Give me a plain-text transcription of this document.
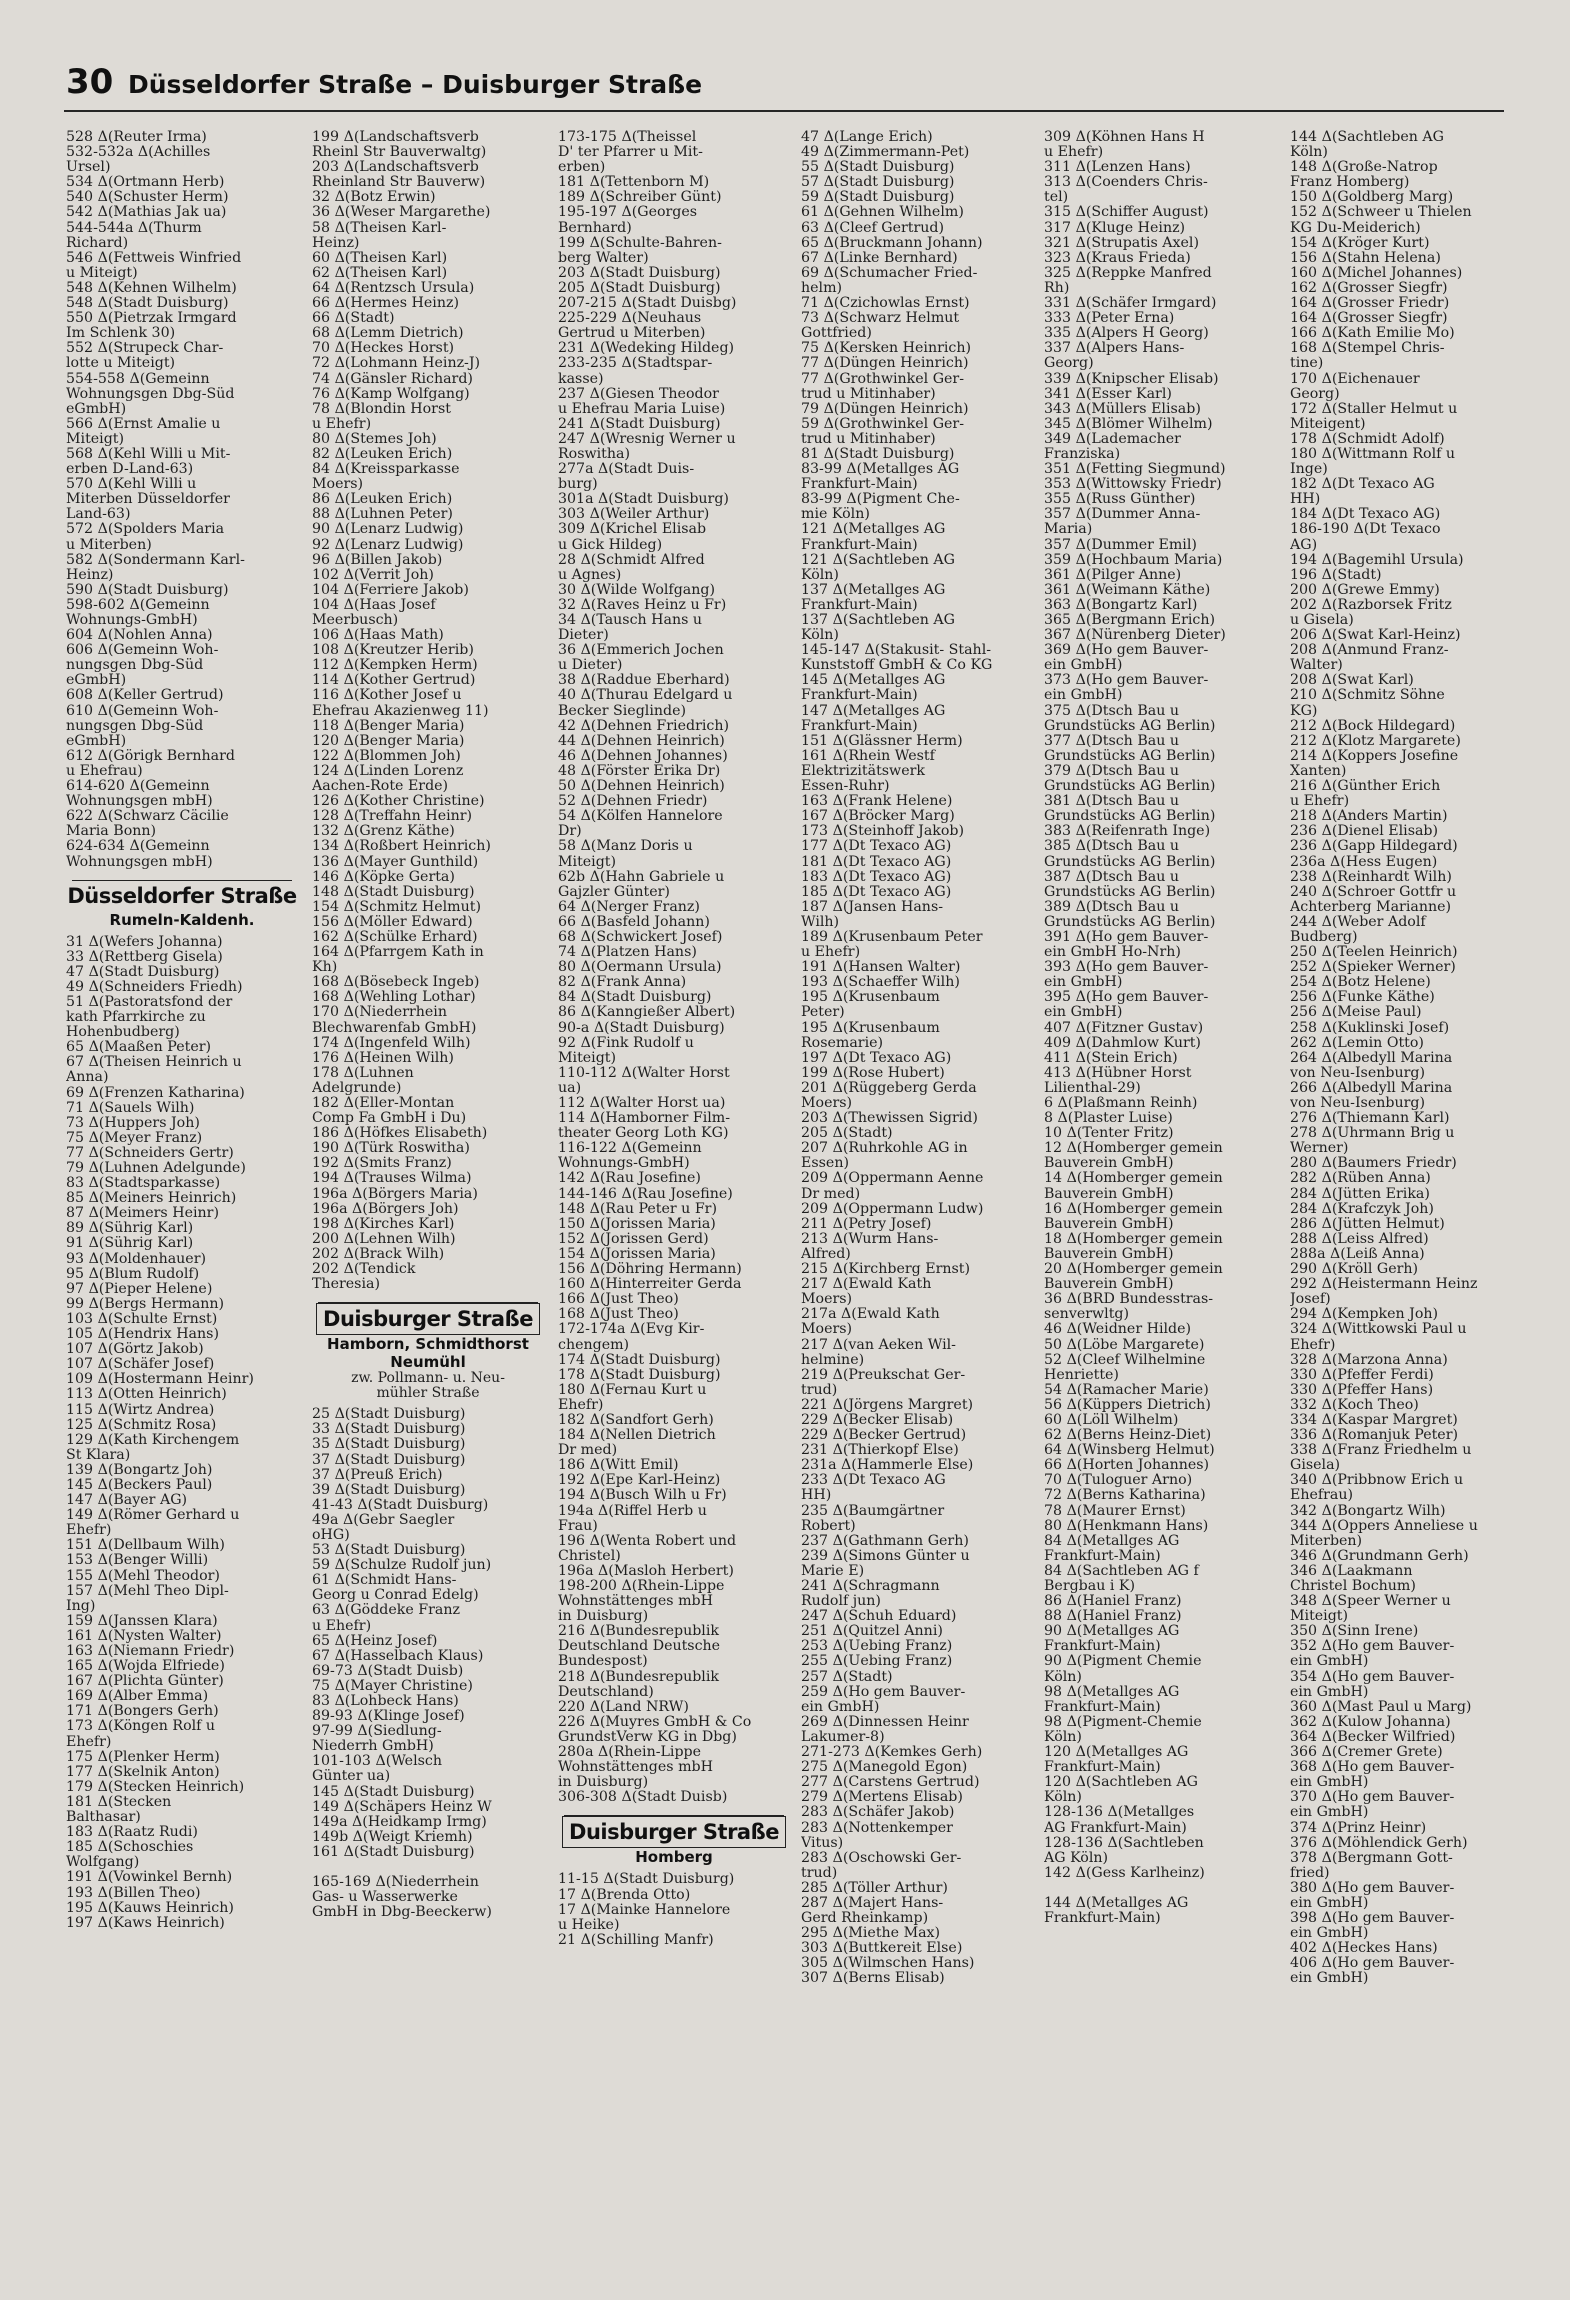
30 Düsseldorfer Straße – Duisburger Straße
528 Δ(Reuter Irma)
532-532a Δ(Achilles
Ursel)
534 Δ(Ortmann Herb)
540 Δ(Schuster Herm)
542 Δ(Mathias Jak ua)
544-544a Δ(Thurm
Richard)
546 Δ(Fettweis Winfried
u Miteigt)
548 Δ(Kehnen Wilhelm)
548 Δ(Stadt Duisburg)
550 Δ(Pietrzak Irmgard
Im Schlenk 30)
552 Δ(Strupeck Char-
lotte u Miteigt)
554-558 Δ(Gemeinn
Wohnungsgen Dbg-Süd
eGmbH)
566 Δ(Ernst Amalie u
Miteigt)
568 Δ(Kehl Willi u Mit-
erben D-Land-63)
570 Δ(Kehl Willi u
Miterben Düsseldorfer
Land-63)
572 Δ(Spolders Maria
u Miterben)
582 Δ(Sondermann Karl-
Heinz)
590 Δ(Stadt Duisburg)
598-602 Δ(Gemeinn
Wohnungs-GmbH)
604 Δ(Nohlen Anna)
606 Δ(Gemeinn Woh-
nungsgen Dbg-Süd
eGmbH)
608 Δ(Keller Gertrud)
610 Δ(Gemeinn Woh-
nungsgen Dbg-Süd
eGmbH)
612 Δ(Görigk Bernhard
u Ehefrau)
614-620 Δ(Gemeinn
Wohnungsgen mbH)
622 Δ(Schwarz Cäcilie
Maria Bonn)
624-634 Δ(Gemeinn
Wohnungsgen mbH)
Düsseldorfer Straße
Rumeln-Kaldenh.
31 Δ(Wefers Johanna)
33 Δ(Rettberg Gisela)
47 Δ(Stadt Duisburg)
49 Δ(Schneiders Friedh)
51 Δ(Pastoratsfond der
kath Pfarrkirche zu
Hohenbudberg)
65 Δ(Maaßen Peter)
67 Δ(Theisen Heinrich u
Anna)
69 Δ(Frenzen Katharina)
71 Δ(Sauels Wilh)
73 Δ(Huppers Joh)
75 Δ(Meyer Franz)
77 Δ(Schneiders Gertr)
79 Δ(Luhnen Adelgunde)
83 Δ(Stadtsparkasse)
85 Δ(Meiners Heinrich)
87 Δ(Meimers Heinr)
89 Δ(Sührig Karl)
91 Δ(Sührig Karl)
93 Δ(Moldenhauer)
95 Δ(Blum Rudolf)
97 Δ(Pieper Helene)
99 Δ(Bergs Hermann)
103 Δ(Schulte Ernst)
105 Δ(Hendrix Hans)
107 Δ(Görtz Jakob)
107 Δ(Schäfer Josef)
109 Δ(Hostermann Heinr)
113 Δ(Otten Heinrich)
115 Δ(Wirtz Andrea)
125 Δ(Schmitz Rosa)
129 Δ(Kath Kirchengem
St Klara)
139 Δ(Bongartz Joh)
145 Δ(Beckers Paul)
147 Δ(Bayer AG)
149 Δ(Römer Gerhard u
Ehefr)
151 Δ(Dellbaum Wilh)
153 Δ(Benger Willi)
155 Δ(Mehl Theodor)
157 Δ(Mehl Theo Dipl-
Ing)
159 Δ(Janssen Klara)
161 Δ(Nysten Walter)
163 Δ(Niemann Friedr)
165 Δ(Wojda Elfriede)
167 Δ(Plichta Günter)
169 Δ(Alber Emma)
171 Δ(Bongers Gerh)
173 Δ(Köngen Rolf u
Ehefr)
175 Δ(Plenker Herm)
177 Δ(Skelnik Anton)
179 Δ(Stecken Heinrich)
181 Δ(Stecken
Balthasar)
183 Δ(Raatz Rudi)
185 Δ(Schoschies
Wolfgang)
191 Δ(Vowinkel Bernh)
193 Δ(Billen Theo)
195 Δ(Kauws Heinrich)
197 Δ(Kaws Heinrich)
199 Δ(Landschaftsverb
Rheinl Str Bauverwaltg)
203 Δ(Landschaftsverb
Rheinland Str Bauverw)
32 Δ(Botz Erwin)
36 Δ(Weser Margarethe)
58 Δ(Theisen Karl-
Heinz)
60 Δ(Theisen Karl)
62 Δ(Theisen Karl)
64 Δ(Rentzsch Ursula)
66 Δ(Hermes Heinz)
66 Δ(Stadt)
68 Δ(Lemm Dietrich)
70 Δ(Heckes Horst)
72 Δ(Lohmann Heinz-J)
74 Δ(Gänsler Richard)
76 Δ(Kamp Wolfgang)
78 Δ(Blondin Horst
u Ehefr)
80 Δ(Stemes Joh)
82 Δ(Leuken Erich)
84 Δ(Kreissparkasse
Moers)
86 Δ(Leuken Erich)
88 Δ(Luhnen Peter)
90 Δ(Lenarz Ludwig)
92 Δ(Lenarz Ludwig)
96 Δ(Billen Jakob)
102 Δ(Verrit Joh)
104 Δ(Ferriere Jakob)
104 Δ(Haas Josef
Meerbusch)
106 Δ(Haas Math)
108 Δ(Kreutzer Herib)
112 Δ(Kempken Herm)
114 Δ(Kother Gertrud)
116 Δ(Kother Josef u
Ehefrau Akazienweg 11)
118 Δ(Benger Maria)
120 Δ(Benger Maria)
122 Δ(Blommen Joh)
124 Δ(Linden Lorenz
Aachen-Rote Erde)
126 Δ(Kother Christine)
128 Δ(Treffahn Heinr)
132 Δ(Grenz Käthe)
134 Δ(Roßbert Heinrich)
136 Δ(Mayer Gunthild)
146 Δ(Köpke Gerta)
148 Δ(Stadt Duisburg)
154 Δ(Schmitz Helmut)
156 Δ(Möller Edward)
162 Δ(Schülke Erhard)
164 Δ(Pfarrgem Kath in
Kh)
168 Δ(Bösebeck Ingeb)
168 Δ(Wehling Lothar)
170 Δ(Niederrhein
Blechwarenfab GmbH)
174 Δ(Ingenfeld Wilh)
176 Δ(Heinen Wilh)
178 Δ(Luhnen
Adelgrunde)
182 Δ(Eller-Montan
Comp Fa GmbH i Du)
186 Δ(Höfkes Elisabeth)
190 Δ(Türk Roswitha)
192 Δ(Smits Franz)
194 Δ(Trauses Wilma)
196a Δ(Börgers Maria)
196a Δ(Börgers Joh)
198 Δ(Kirches Karl)
200 Δ(Lehnen Wilh)
202 Δ(Brack Wilh)
202 Δ(Tendick
Theresia)
Duisburger Straße
Hamborn, Schmidthorst Neumühl
zw. Pollmann- u. Neu-
mühler Straße
25 Δ(Stadt Duisburg)
33 Δ(Stadt Duisburg)
35 Δ(Stadt Duisburg)
37 Δ(Stadt Duisburg)
37 Δ(Preuß Erich)
39 Δ(Stadt Duisburg)
41-43 Δ(Stadt Duisburg)
49a Δ(Gebr Saegler
oHG)
53 Δ(Stadt Duisburg)
59 Δ(Schulze Rudolf jun)
61 Δ(Schmidt Hans-
Georg u Conrad Edelg)
63 Δ(Göddeke Franz
u Ehefr)
65 Δ(Heinz Josef)
67 Δ(Hasselbach Klaus)
69-73 Δ(Stadt Duisb)
75 Δ(Mayer Christine)
83 Δ(Lohbeck Hans)
89-93 Δ(Klinge Josef)
97-99 Δ(Siedlung-
Niederrh GmbH)
101-103 Δ(Welsch
Günter ua)
145 Δ(Stadt Duisburg)
149 Δ(Schäpers Heinz W
149a Δ(Heidkamp Irmg)
149b Δ(Weigt Kriemh)
161 Δ(Stadt Duisburg)
165-169 Δ(Niederrhein
Gas- u Wasserwerke
GmbH in Dbg-Beeckerw)
173-175 Δ(Theissel
D' ter Pfarrer u Mit-
erben)
181 Δ(Tettenborn M)
189 Δ(Schreiber Günt)
195-197 Δ(Georges
Bernhard)
199 Δ(Schulte-Bahren-
berg Walter)
203 Δ(Stadt Duisburg)
205 Δ(Stadt Duisburg)
207-215 Δ(Stadt Duisbg)
225-229 Δ(Neuhaus
Gertrud u Miterben)
231 Δ(Wedeking Hildeg)
233-235 Δ(Stadtspar-
kasse)
237 Δ(Giesen Theodor
u Ehefrau Maria Luise)
241 Δ(Stadt Duisburg)
247 Δ(Wresnig Werner u
Roswitha)
277a Δ(Stadt Duis-
burg)
301a Δ(Stadt Duisburg)
303 Δ(Weiler Arthur)
309 Δ(Krichel Elisab
u Gick Hildeg)
28 Δ(Schmidt Alfred
u Agnes)
30 Δ(Wilde Wolfgang)
32 Δ(Raves Heinz u Fr)
34 Δ(Tausch Hans u
Dieter)
36 Δ(Emmerich Jochen
u Dieter)
38 Δ(Raddue Eberhard)
40 Δ(Thurau Edelgard u
Becker Sieglinde)
42 Δ(Dehnen Friedrich)
44 Δ(Dehnen Heinrich)
46 Δ(Dehnen Johannes)
48 Δ(Förster Erika Dr)
50 Δ(Dehnen Heinrich)
52 Δ(Dehnen Friedr)
54 Δ(Kölfen Hannelore
Dr)
58 Δ(Manz Doris u
Miteigt)
62b Δ(Hahn Gabriele u
Gajzler Günter)
64 Δ(Nerger Franz)
66 Δ(Basfeld Johann)
68 Δ(Schwickert Josef)
74 Δ(Platzen Hans)
80 Δ(Oermann Ursula)
82 Δ(Frank Anna)
84 Δ(Stadt Duisburg)
86 Δ(Kanngießer Albert)
90-a Δ(Stadt Duisburg)
92 Δ(Fink Rudolf u
Miteigt)
110-112 Δ(Walter Horst
ua)
112 Δ(Walter Horst ua)
114 Δ(Hamborner Film-
theater Georg Loth KG)
116-122 Δ(Gemeinn
Wohnungs-GmbH)
142 Δ(Rau Josefine)
144-146 Δ(Rau Josefine)
148 Δ(Rau Peter u Fr)
150 Δ(Jorissen Maria)
152 Δ(Jorissen Gerd)
154 Δ(Jorissen Maria)
156 Δ(Döhring Hermann)
160 Δ(Hinterreiter Gerda
166 Δ(Just Theo)
168 Δ(Just Theo)
172-174a Δ(Evg Kir-
chengem)
174 Δ(Stadt Duisburg)
178 Δ(Stadt Duisburg)
180 Δ(Fernau Kurt u
Ehefr)
182 Δ(Sandfort Gerh)
184 Δ(Nellen Dietrich
Dr med)
186 Δ(Witt Emil)
192 Δ(Epe Karl-Heinz)
194 Δ(Busch Wilh u Fr)
194a Δ(Riffel Herb u
Frau)
196 Δ(Wenta Robert und
Christel)
196a Δ(Masloh Herbert)
198-200 Δ(Rhein-Lippe
Wohnstättenges mbH
in Duisburg)
216 Δ(Bundesrepublik
Deutschland Deutsche
Bundespost)
218 Δ(Bundesrepublik
Deutschland)
220 Δ(Land NRW)
226 Δ(Muyres GmbH & Co
GrundstVerw KG in Dbg)
280a Δ(Rhein-Lippe
Wohnstättenges mbH
in Duisburg)
306-308 Δ(Stadt Duisb)
Duisburger Straße
Homberg
11-15 Δ(Stadt Duisburg)
17 Δ(Brenda Otto)
17 Δ(Mainke Hannelore
u Heike)
21 Δ(Schilling Manfr)
47 Δ(Lange Erich)
49 Δ(Zimmermann-Pet)
55 Δ(Stadt Duisburg)
57 Δ(Stadt Duisburg)
59 Δ(Stadt Duisburg)
61 Δ(Gehnen Wilhelm)
63 Δ(Cleef Gertrud)
65 Δ(Bruckmann Johann)
67 Δ(Linke Bernhard)
69 Δ(Schumacher Fried-
helm)
71 Δ(Czichowlas Ernst)
73 Δ(Schwarz Helmut
Gottfried)
75 Δ(Kersken Heinrich)
77 Δ(Düngen Heinrich)
77 Δ(Grothwinkel Ger-
trud u Mitinhaber)
79 Δ(Düngen Heinrich)
59 Δ(Grothwinkel Ger-
trud u Mitinhaber)
81 Δ(Stadt Duisburg)
83-99 Δ(Metallges AG
Frankfurt-Main)
83-99 Δ(Pigment Che-
mie Köln)
121 Δ(Metallges AG
Frankfurt-Main)
121 Δ(Sachtleben AG
Köln)
137 Δ(Metallges AG
Frankfurt-Main)
137 Δ(Sachtleben AG
Köln)
145-147 Δ(Stakusit- Stahl-
Kunststoff GmbH & Co KG
145 Δ(Metallges AG
Frankfurt-Main)
147 Δ(Metallges AG
Frankfurt-Main)
151 Δ(Glässner Herm)
161 Δ(Rhein Westf
Elektrizitätswerk
Essen-Ruhr)
163 Δ(Frank Helene)
167 Δ(Bröcker Marg)
173 Δ(Steinhoff Jakob)
177 Δ(Dt Texaco AG)
181 Δ(Dt Texaco AG)
183 Δ(Dt Texaco AG)
185 Δ(Dt Texaco AG)
187 Δ(Jansen Hans-
Wilh)
189 Δ(Krusenbaum Peter
u Ehefr)
191 Δ(Hansen Walter)
193 Δ(Schaeffer Wilh)
195 Δ(Krusenbaum
Peter)
195 Δ(Krusenbaum
Rosemarie)
197 Δ(Dt Texaco AG)
199 Δ(Rose Hubert)
201 Δ(Rüggeberg Gerda
Moers)
203 Δ(Thewissen Sigrid)
205 Δ(Stadt)
207 Δ(Ruhrkohle AG in
Essen)
209 Δ(Oppermann Aenne
Dr med)
209 Δ(Oppermann Ludw)
211 Δ(Petry Josef)
213 Δ(Wurm Hans-
Alfred)
215 Δ(Kirchberg Ernst)
217 Δ(Ewald Kath
Moers)
217a Δ(Ewald Kath
Moers)
217 Δ(van Aeken Wil-
helmine)
219 Δ(Preukschat Ger-
trud)
221 Δ(Jörgens Margret)
229 Δ(Becker Elisab)
229 Δ(Becker Gertrud)
231 Δ(Thierkopf Else)
231a Δ(Hammerle Else)
233 Δ(Dt Texaco AG
HH)
235 Δ(Baumgärtner
Robert)
237 Δ(Gathmann Gerh)
239 Δ(Simons Günter u
Marie E)
241 Δ(Schragmann
Rudolf jun)
247 Δ(Schuh Eduard)
251 Δ(Quitzel Anni)
253 Δ(Uebing Franz)
255 Δ(Uebing Franz)
257 Δ(Stadt)
259 Δ(Ho gem Bauver-
ein GmbH)
269 Δ(Dinnessen Heinr
Lakumer-8)
271-273 Δ(Kemkes Gerh)
275 Δ(Manegold Egon)
277 Δ(Carstens Gertrud)
279 Δ(Mertens Elisab)
283 Δ(Schäfer Jakob)
283 Δ(Nottenkemper
Vitus)
283 Δ(Oschowski Ger-
trud)
285 Δ(Töller Arthur)
287 Δ(Majert Hans-
Gerd Rheinkamp)
295 Δ(Miethe Max)
303 Δ(Buttkereit Else)
305 Δ(Wilmschen Hans)
307 Δ(Berns Elisab)
309 Δ(Köhnen Hans H
u Ehefr)
311 Δ(Lenzen Hans)
313 Δ(Coenders Chris-
tel)
315 Δ(Schiffer August)
317 Δ(Kluge Heinz)
321 Δ(Strupatis Axel)
323 Δ(Kraus Frieda)
325 Δ(Reppke Manfred
Rh)
331 Δ(Schäfer Irmgard)
333 Δ(Peter Erna)
335 Δ(Alpers H Georg)
337 Δ(Alpers Hans-
Georg)
339 Δ(Knipscher Elisab)
341 Δ(Esser Karl)
343 Δ(Müllers Elisab)
345 Δ(Blömer Wilhelm)
349 Δ(Lademacher
Franziska)
351 Δ(Fetting Siegmund)
353 Δ(Wittowsky Friedr)
355 Δ(Russ Günther)
357 Δ(Dummer Anna-
Maria)
357 Δ(Dummer Emil)
359 Δ(Hochbaum Maria)
361 Δ(Pilger Anne)
361 Δ(Weimann Käthe)
363 Δ(Bongartz Karl)
365 Δ(Bergmann Erich)
367 Δ(Nürenberg Dieter)
369 Δ(Ho gem Bauver-
ein GmbH)
373 Δ(Ho gem Bauver-
ein GmbH)
375 Δ(Dtsch Bau u
Grundstücks AG Berlin)
377 Δ(Dtsch Bau u
Grundstücks AG Berlin)
379 Δ(Dtsch Bau u
Grundstücks AG Berlin)
381 Δ(Dtsch Bau u
Grundstücks AG Berlin)
383 Δ(Reifenrath Inge)
385 Δ(Dtsch Bau u
Grundstücks AG Berlin)
387 Δ(Dtsch Bau u
Grundstücks AG Berlin)
389 Δ(Dtsch Bau u
Grundstücks AG Berlin)
391 Δ(Ho gem Bauver-
ein GmbH Ho-Nrh)
393 Δ(Ho gem Bauver-
ein GmbH)
395 Δ(Ho gem Bauver-
ein GmbH)
407 Δ(Fitzner Gustav)
409 Δ(Dahmlow Kurt)
411 Δ(Stein Erich)
413 Δ(Hübner Horst
Lilienthal-29)
6 Δ(Plaßmann Reinh)
8 Δ(Plaster Luise)
10 Δ(Tenter Fritz)
12 Δ(Homberger gemein
Bauverein GmbH)
14 Δ(Homberger gemein
Bauverein GmbH)
16 Δ(Homberger gemein
Bauverein GmbH)
18 Δ(Homberger gemein
Bauverein GmbH)
20 Δ(Homberger gemein
Bauverein GmbH)
36 Δ(BRD Bundesstras-
senverwltg)
46 Δ(Weidner Hilde)
50 Δ(Löbe Margarete)
52 Δ(Cleef Wilhelmine
Henriette)
54 Δ(Ramacher Marie)
56 Δ(Küppers Dietrich)
60 Δ(Löll Wilhelm)
62 Δ(Berns Heinz-Diet)
64 Δ(Winsberg Helmut)
66 Δ(Horten Johannes)
70 Δ(Tuloguer Arno)
72 Δ(Berns Katharina)
78 Δ(Maurer Ernst)
80 Δ(Henkmann Hans)
84 Δ(Metallges AG
Frankfurt-Main)
84 Δ(Sachtleben AG f
Bergbau i K)
86 Δ(Haniel Franz)
88 Δ(Haniel Franz)
90 Δ(Metallges AG
Frankfurt-Main)
90 Δ(Pigment Chemie
Köln)
98 Δ(Metallges AG
Frankfurt-Main)
98 Δ(Pigment-Chemie
Köln)
120 Δ(Metallges AG
Frankfurt-Main)
120 Δ(Sachtleben AG
Köln)
128-136 Δ(Metallges
AG Frankfurt-Main)
128-136 Δ(Sachtleben
AG Köln)
142 Δ(Gess Karlheinz)
144 Δ(Metallges AG
Frankfurt-Main)
144 Δ(Sachtleben AG
Köln)
148 Δ(Große-Natrop
Franz Homberg)
150 Δ(Goldberg Marg)
152 Δ(Schweer u Thielen
KG Du-Meiderich)
154 Δ(Kröger Kurt)
156 Δ(Stahn Helena)
160 Δ(Michel Johannes)
162 Δ(Grosser Siegfr)
164 Δ(Grosser Friedr)
164 Δ(Grosser Siegfr)
166 Δ(Kath Emilie Mo)
168 Δ(Stempel Chris-
tine)
170 Δ(Eichenauer
Georg)
172 Δ(Staller Helmut u
Miteigent)
178 Δ(Schmidt Adolf)
180 Δ(Wittmann Rolf u
Inge)
182 Δ(Dt Texaco AG
HH)
184 Δ(Dt Texaco AG)
186-190 Δ(Dt Texaco
AG)
194 Δ(Bagemihl Ursula)
196 Δ(Stadt)
200 Δ(Grewe Emmy)
202 Δ(Razborsek Fritz
u Gisela)
206 Δ(Swat Karl-Heinz)
208 Δ(Anmund Franz-
Walter)
208 Δ(Swat Karl)
210 Δ(Schmitz Söhne
KG)
212 Δ(Bock Hildegard)
212 Δ(Klotz Margarete)
214 Δ(Koppers Josefine
Xanten)
216 Δ(Günther Erich
u Ehefr)
218 Δ(Anders Martin)
236 Δ(Dienel Elisab)
236 Δ(Gapp Hildegard)
236a Δ(Hess Eugen)
238 Δ(Reinhardt Wilh)
240 Δ(Schroer Gottfr u
Achterberg Marianne)
244 Δ(Weber Adolf
Budberg)
250 Δ(Teelen Heinrich)
252 Δ(Spieker Werner)
254 Δ(Botz Helene)
256 Δ(Funke Käthe)
256 Δ(Meise Paul)
258 Δ(Kuklinski Josef)
262 Δ(Lemin Otto)
264 Δ(Albedyll Marina
von Neu-Isenburg)
266 Δ(Albedyll Marina
von Neu-Isenburg)
276 Δ(Thiemann Karl)
278 Δ(Uhrmann Brig u
Werner)
280 Δ(Baumers Friedr)
282 Δ(Rüben Anna)
284 Δ(Jütten Erika)
284 Δ(Krafczyk Joh)
286 Δ(Jütten Helmut)
288 Δ(Leiss Alfred)
288a Δ(Leiß Anna)
290 Δ(Kröll Gerh)
292 Δ(Heistermann Heinz
Josef)
294 Δ(Kempken Joh)
324 Δ(Wittkowski Paul u
Ehefr)
328 Δ(Marzona Anna)
330 Δ(Pfeffer Ferdi)
330 Δ(Pfeffer Hans)
332 Δ(Koch Theo)
334 Δ(Kaspar Margret)
336 Δ(Romanjuk Peter)
338 Δ(Franz Friedhelm u
Gisela)
340 Δ(Pribbnow Erich u
Ehefrau)
342 Δ(Bongartz Wilh)
344 Δ(Oppers Anneliese u
Miterben)
346 Δ(Grundmann Gerh)
346 Δ(Laakmann
Christel Bochum)
348 Δ(Speer Werner u
Miteigt)
350 Δ(Sinn Irene)
352 Δ(Ho gem Bauver-
ein GmbH)
354 Δ(Ho gem Bauver-
ein GmbH)
360 Δ(Mast Paul u Marg)
362 Δ(Kulow Johanna)
364 Δ(Becker Wilfried)
366 Δ(Cremer Grete)
368 Δ(Ho gem Bauver-
ein GmbH)
370 Δ(Ho gem Bauver-
ein GmbH)
374 Δ(Prinz Heinr)
376 Δ(Möhlendick Gerh)
378 Δ(Bergmann Gott-
fried)
380 Δ(Ho gem Bauver-
ein GmbH)
398 Δ(Ho gem Bauver-
ein GmbH)
402 Δ(Heckes Hans)
406 Δ(Ho gem Bauver-
ein GmbH)
